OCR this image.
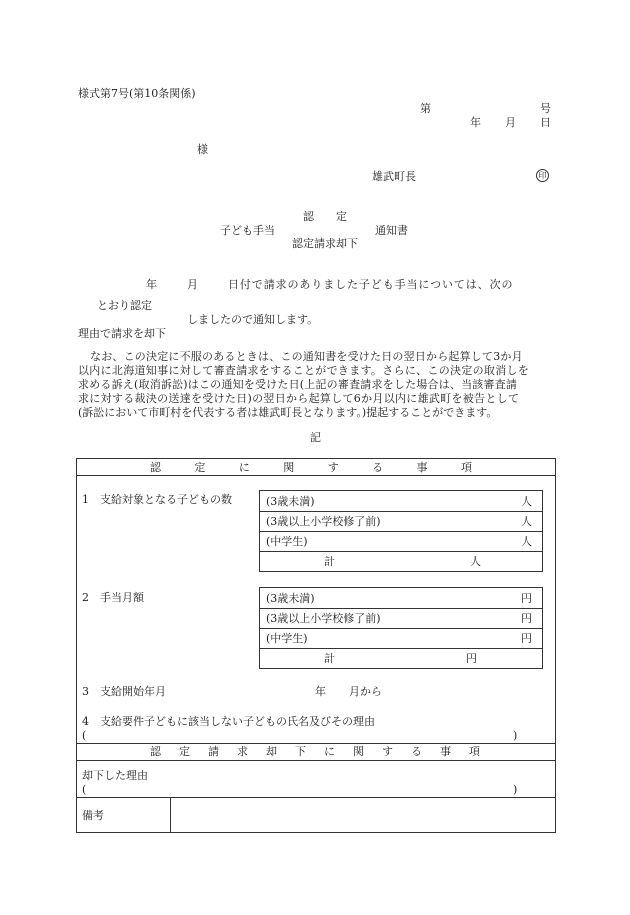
様式第7号(第10条関係)
第	号
年 月 日
様
雄武町長	印
認　　定
子ども手当	通知書
認定請求却下
年	月	日付で請求のありました子ども手当については、次の
とおり認定
しましたので通知します。
理由で請求を却下
なお、この決定に不服のあるときは、この通知書を受けた日の翌日から起算して3か月
以内に北海道知事に対して審査請求をすることができます。さらに、この決定の取消しを
求める訴え(取消訴訟)はこの通知を受けた日(上記の審査請求をした場合は、当該審査請
求に対する裁決の送達を受けた日)の翌日から起算して6か月以内に雄武町を被告として
(訴訟において市町村を代表する者は雄武町長となります。)提起することができます。
記
認	定	に	関	す	る	事	項
1　支給対象となる子どもの数	(3歳未満)	人
(3歳以上小学校修了前)	人
(中学生)	人
計	人
2　手当月額	(3歳未満)	円
(3歳以上小学校修了前)	円
(中学生)	円
計	円
3　支給開始年月	年 月から
4　支給要件子どもに該当しない子どもの氏名及びその理由
(	)
認 定 請 求 却 下 に 関 す る 事 項
却下した理由
(	)
備考
